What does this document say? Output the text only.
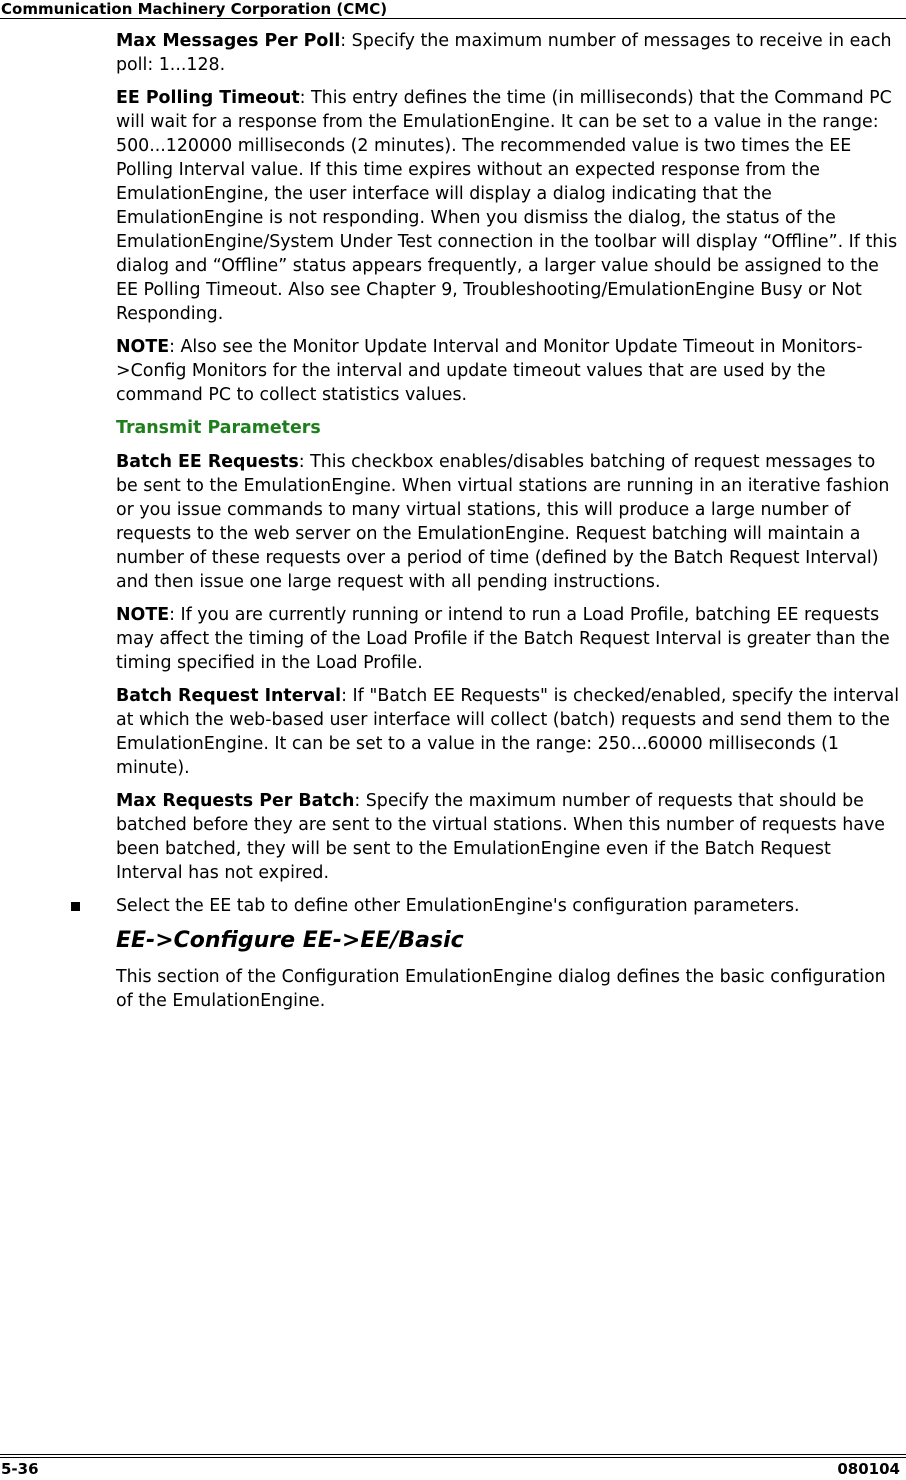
Communication Machinery Corporation (CMC)

Max Messages Per Poll: Specify the maximum number of messages to receive in each poll: 1...128.

EE Polling Timeout: This entry defines the time (in milliseconds) that the Command PC will wait for a response from the EmulationEngine. It can be set to a value in the range: 500...120000 milliseconds (2 minutes). The recommended value is two times the EE Polling Interval value. If this time expires without an expected response from the EmulationEngine, the user interface will display a dialog indicating that the EmulationEngine is not responding. When you dismiss the dialog, the status of the EmulationEngine/System Under Test connection in the toolbar will display “Offline”. If this dialog and “Offline” status appears frequently, a larger value should be assigned to the EE Polling Timeout. Also see Chapter 9, Troubleshooting/EmulationEngine Busy or Not Responding.

NOTE: Also see the Monitor Update Interval and Monitor Update Timeout in Monitors->Config Monitors for the interval and update timeout values that are used by the command PC to collect statistics values.

Transmit Parameters

Batch EE Requests: This checkbox enables/disables batching of request messages to be sent to the EmulationEngine. When virtual stations are running in an iterative fashion or you issue commands to many virtual stations, this will produce a large number of requests to the web server on the EmulationEngine. Request batching will maintain a number of these requests over a period of time (defined by the Batch Request Interval) and then issue one large request with all pending instructions.

NOTE: If you are currently running or intend to run a Load Profile, batching EE requests may affect the timing of the Load Profile if the Batch Request Interval is greater than the timing specified in the Load Profile.

Batch Request Interval: If "Batch EE Requests" is checked/enabled, specify the interval at which the web-based user interface will collect (batch) requests and send them to the EmulationEngine. It can be set to a value in the range: 250...60000 milliseconds (1 minute).

Max Requests Per Batch: Specify the maximum number of requests that should be batched before they are sent to the virtual stations. When this number of requests have been batched, they will be sent to the EmulationEngine even if the Batch Request Interval has not expired.

Select the EE tab to define other EmulationEngine's configuration parameters.
EE->Configure EE->EE/Basic

This section of the Configuration EmulationEngine dialog defines the basic configuration of the EmulationEngine.

5-36	080104
